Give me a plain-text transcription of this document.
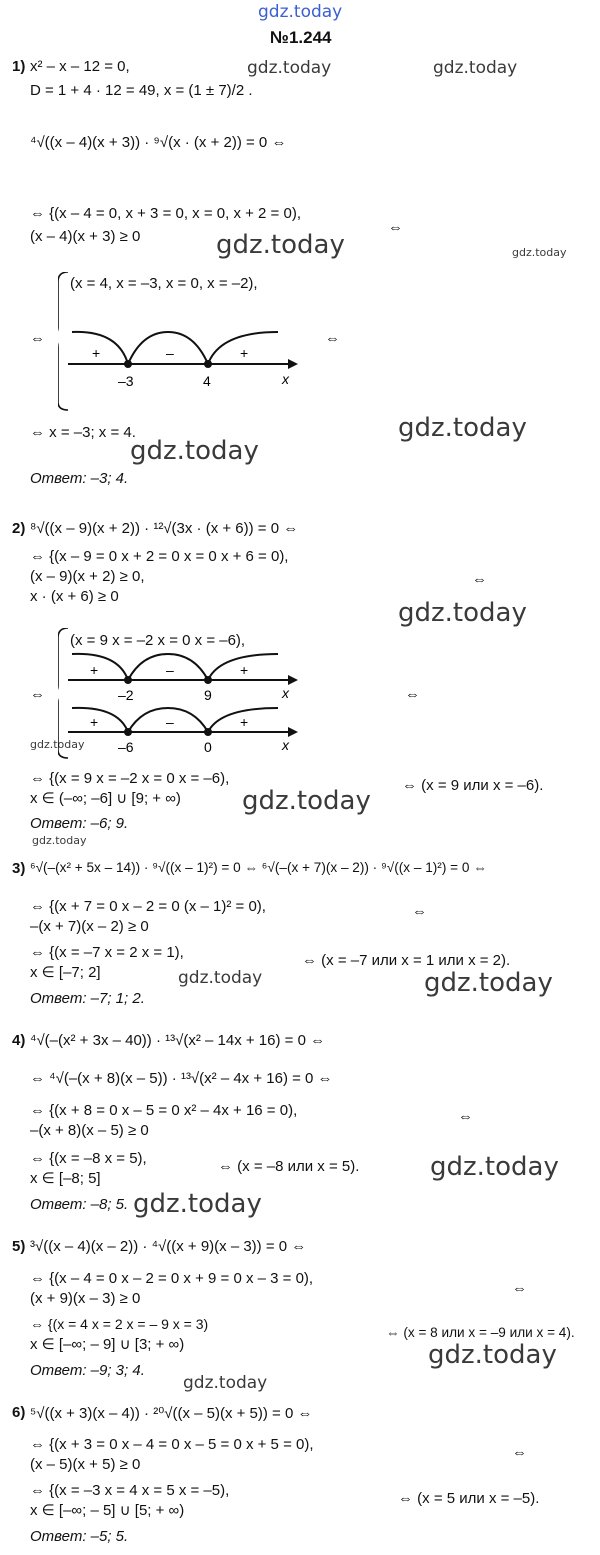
gdz.today
gdz.today	gdz.today
gdz.today	gdz.today
gdz.today
gdz.today
gdz.today
gdz.today
gdz.today
gdz.today
gdz.today	gdz.today
gdz.today
gdz.today
gdz.today
gdz.today
№1.244
1) x² – x – 12 = 0,
D = 1 + 4 · 12 = 49, x = (1 ± 7)/2 .
⁴√((x – 4)(x + 3)) · ⁹√(x · (x + 2)) = 0 ⇔
⇔ {(x – 4 = 0, x + 3 = 0, x = 0, x + 2 = 0),
(x – 4)(x + 3) ≥ 0
⇔
(x = 4, x = –3, x = 0, x = –2),
⇔	⇔
+	–	+
–3	4	x
⇔ x = –3; x = 4.
Ответ: –3; 4.
2) ⁸√((x – 9)(x + 2)) · ¹²√(3x · (x + 6)) = 0 ⇔
⇔ {(x – 9 = 0 x + 2 = 0 x = 0 x + 6 = 0),
(x – 9)(x + 2) ≥ 0,	⇔
x · (x + 6) ≥ 0
(x = 9 x = –2 x = 0 x = –6),
⇔	⇔
+	–	+
–2	9	x
+	–	+
–6	0	x
⇔ {(x = 9 x = –2 x = 0 x = –6),	⇔ (x = 9 или x = –6).
x ∈ (–∞; –6] ∪ [9; + ∞)
Ответ: –6; 9.
3) ⁶√(–(x² + 5x – 14)) · ⁹√((x – 1)²) = 0 ⇔ ⁶√(–(x + 7)(x – 2)) · ⁹√((x – 1)²) = 0 ⇔
⇔ {(x + 7 = 0 x – 2 = 0 (x – 1)² = 0),	⇔
–(x + 7)(x – 2) ≥ 0
⇔ {(x = –7 x = 2 x = 1),	⇔ (x = –7 или x = 1 или x = 2).
x ∈ [–7; 2]
Ответ: –7; 1; 2.
4) ⁴√(–(x² + 3x – 40)) · ¹³√(x² – 14x + 16) = 0 ⇔
⇔ ⁴√(–(x + 8)(x – 5)) · ¹³√(x² – 4x + 16) = 0 ⇔
⇔ {(x + 8 = 0 x – 5 = 0 x² – 4x + 16 = 0),	⇔
–(x + 8)(x – 5) ≥ 0
⇔ {(x = –8 x = 5),	⇔ (x = –8 или x = 5).
x ∈ [–8; 5]
Ответ: –8; 5.
5) ³√((x – 4)(x – 2)) · ⁴√((x + 9)(x – 3)) = 0 ⇔
⇔ {(x – 4 = 0 x – 2 = 0 x + 9 = 0 x – 3 = 0),
⇔
(x + 9)(x – 3) ≥ 0
⇔ {(x = 4 x = 2 x = – 9 x = 3)
⇔ (x = 8 или x = –9 или x = 4).
x ∈ [–∞; – 9] ∪ [3; + ∞)
Ответ: –9; 3; 4.
6) ⁵√((x + 3)(x – 4)) · ²⁰√((x – 5)(x + 5)) = 0 ⇔
⇔ {(x + 3 = 0 x – 4 = 0 x – 5 = 0 x + 5 = 0),	⇔
(x – 5)(x + 5) ≥ 0
⇔ {(x = –3 x = 4 x = 5 x = –5),	⇔ (x = 5 или x = –5).
x ∈ [–∞; – 5] ∪ [5; + ∞)
Ответ: –5; 5.
